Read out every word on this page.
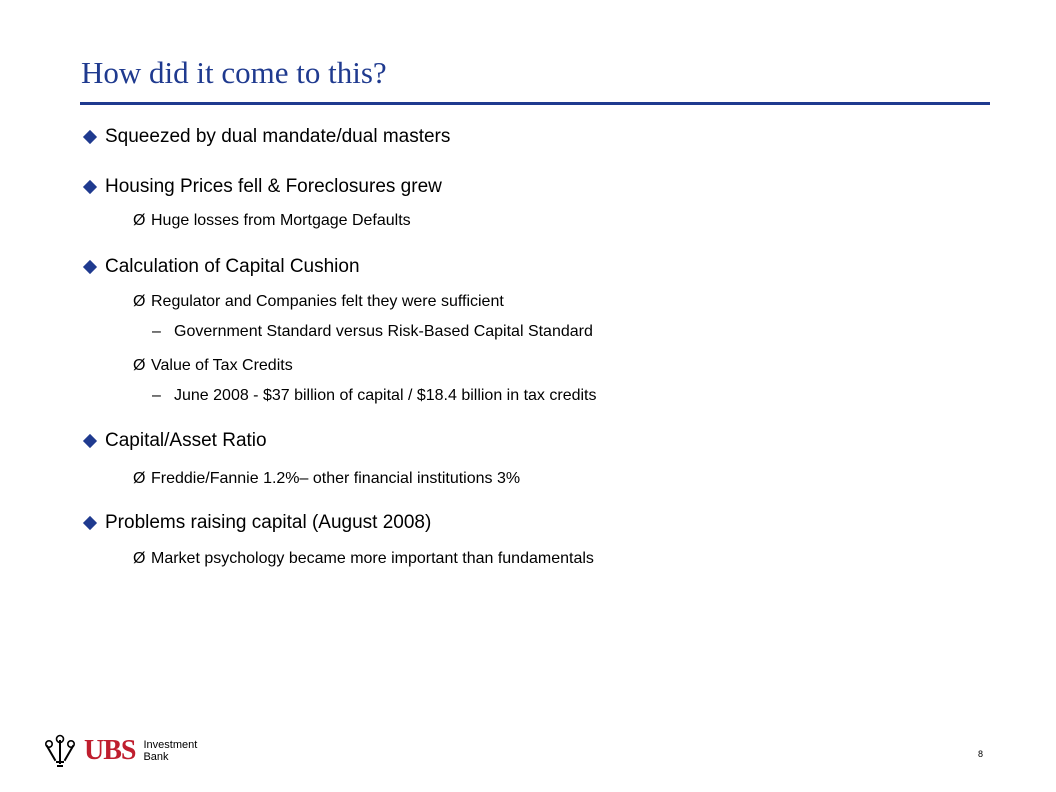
How did it come to this?
Squeezed by dual mandate/dual masters
Housing Prices fell & Foreclosures grew
Ø Huge losses from Mortgage Defaults
Calculation of Capital Cushion
Ø Regulator and Companies felt they were sufficient
– Government Standard versus Risk-Based Capital Standard
Ø Value of Tax Credits
– June 2008 - $37 billion of capital / $18.4 billion in tax credits
Capital/Asset Ratio
Ø Freddie/Fannie 1.2%– other financial institutions 3%
Problems raising capital (August 2008)
Ø Market psychology became more important than fundamentals
UBS Investment
Bank	8
